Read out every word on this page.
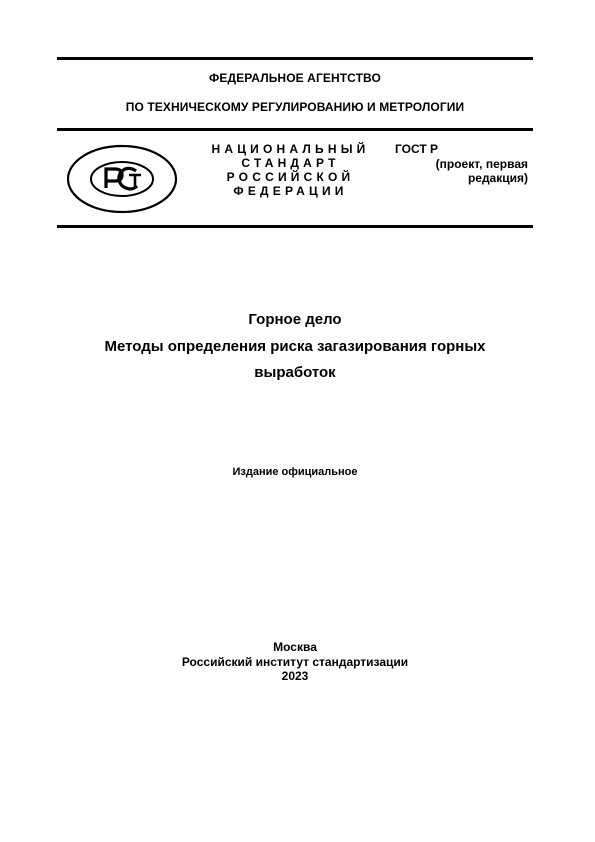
ФЕДЕРАЛЬНОЕ АГЕНТСТВО
ПО ТЕХНИЧЕСКОМУ РЕГУЛИРОВАНИЮ И МЕТРОЛОГИИ
НАЦИОНАЛЬНЫЙ
СТАНДАРТ
РОССИЙСКОЙ
ФЕДЕРАЦИИ
ГОСТ Р
(проект, первая
редакция)
Горное дело
Методы определения риска загазирования горных
выработок
Издание официальное
Москва
Российский институт стандартизации
2023
